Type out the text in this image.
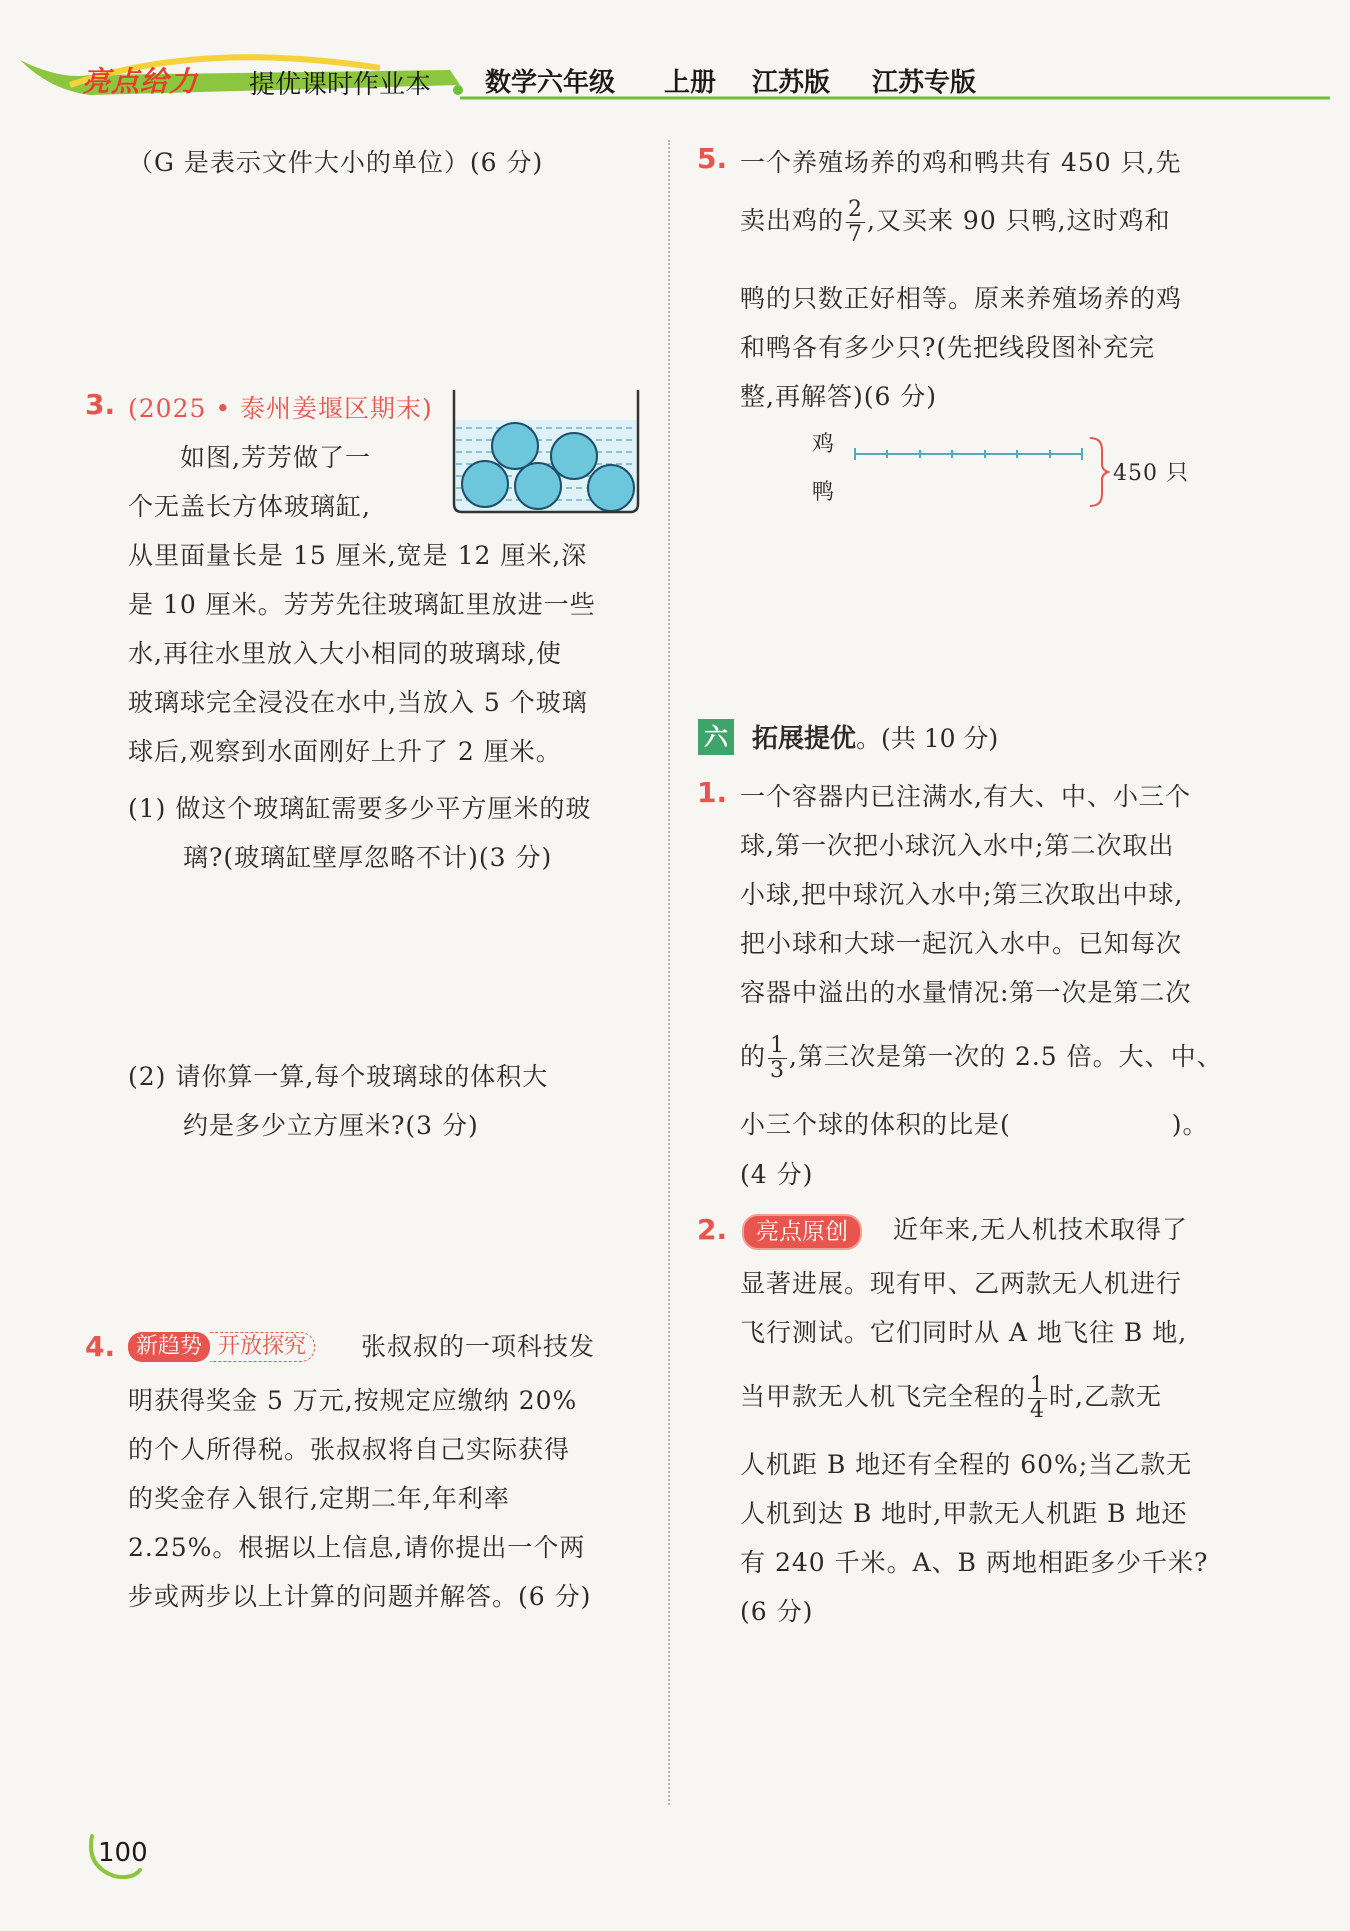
亮点给力 提优课时作业本 数学六年级 上册 江苏版 江苏专版
（G 是表示文件大小的单位）(6 分)
3. (2025 • 泰州姜堰区期末)
如图,芳芳做了一
个无盖长方体玻璃缸,
从里面量长是 15 厘米,宽是 12 厘米,深
是 10 厘米。芳芳先往玻璃缸里放进一些
水,再往水里放入大小相同的玻璃球,使
玻璃球完全浸没在水中,当放入 5 个玻璃
球后,观察到水面刚好上升了 2 厘米。
(1) 做这个玻璃缸需要多少平方厘米的玻
璃?(玻璃缸壁厚忽略不计)(3 分)
(2) 请你算一算,每个玻璃球的体积大
约是多少立方厘米?(3 分)
4. 新趋势 开放探究	张叔叔的一项科技发
明获得奖金 5 万元,按规定应缴纳 20%
的个人所得税。张叔叔将自己实际获得
的奖金存入银行,定期二年,年利率
2.25%。根据以上信息,请你提出一个两
步或两步以上计算的问题并解答。(6 分)
5. 一个养殖场养的鸡和鸭共有 450 只,先
卖出鸡的 $\frac{2}{7}$ ,又买来 90 只鸭,这时鸡和
鸭的只数正好相等。原来养殖场养的鸡
和鸭各有多少只?(先把线段图补充完
整,再解答)(6 分)
鸡
鸭
450 只
六 拓展提优。(共 10 分)
1. 一个容器内已注满水,有大、中、小三个
球,第一次把小球沉入水中;第二次取出
小球,把中球沉入水中;第三次取出中球,
把小球和大球一起沉入水中。已知每次
容器中溢出的水量情况:第一次是第二次
的 $\frac{1}{3}$ ,第三次是第一次的 2.5 倍。大、中、
小三个球的体积的比是(                  )。
(4 分)
2.	亮点原创	近年来,无人机技术取得了
显著进展。现有甲、乙两款无人机进行
飞行测试。它们同时从 A 地飞往 B 地,
当甲款无人机飞完全程的 $\frac{1}{4}$ 时,乙款无
人机距 B 地还有全程的 60%;当乙款无
人机到达 B 地时,甲款无人机距 B 地还
有 240 千米。A、B 两地相距多少千米?
(6 分)
100
